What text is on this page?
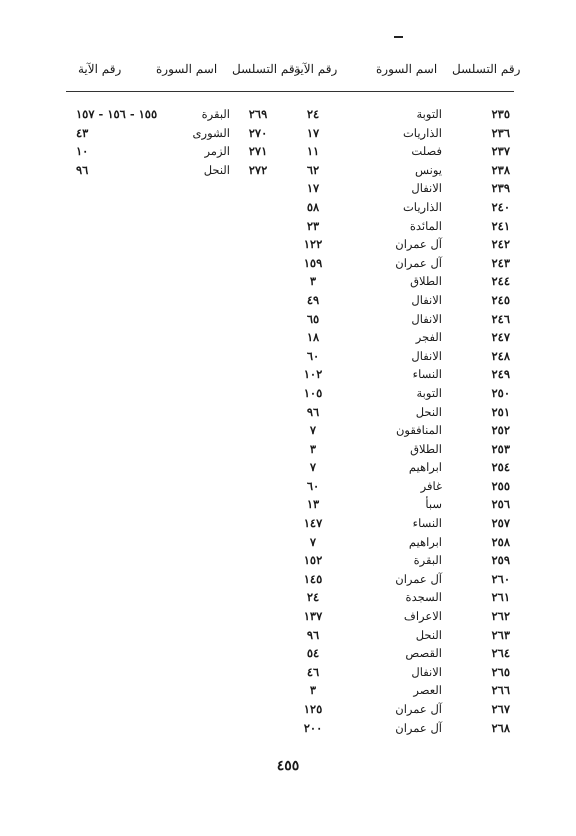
رقم التسلسل
اسم السورة
رقم الآية
رقم التسلسل
اسم السورة
رقم الآية
٢٣٥
٢٣٦
٢٣٧
٢٣٨
٢٣٩
٢٤٠
٢٤١
٢٤٢
٢٤٣
٢٤٤
٢٤٥
٢٤٦
٢٤٧
٢٤٨
٢٤٩
٢٥٠
٢٥١
٢٥٢
٢٥٣
٢٥٤
٢٥٥
٢٥٦
٢٥٧
٢٥٨
٢٥٩
٢٦٠
٢٦١
٢٦٢
٢٦٣
٢٦٤
٢٦٥
٢٦٦
٢٦٧
٢٦٨
التوبة
الذاريات
فصلت
يونس
الانفال
الذاريات
المائدة
آل عمران
آل عمران
الطلاق
الانفال
الانفال
الفجر
الانفال
النساء
التوبة
النحل
المنافقون
الطلاق
ابراهيم
غافر
سبأ
النساء
ابراهيم
البقرة
آل عمران
السجدة
الاعراف
النحل
القصص
الانفال
العصر
آل عمران
آل عمران
٢٤
١٧
١١
٦٢
١٧
٥٨
٢٣
١٢٢
١٥٩
٣
٤٩
٦٥
١٨
٦٠
١٠٢
١٠٥
٩٦
٧
٣
٧
٦٠
١٣
١٤٧
٧
١٥٢
١٤٥
٢٤
١٣٧
٩٦
٥٤
٤٦
٣
١٢٥
٢٠٠
٢٦٩
٢٧٠
٢٧١
٢٧٢
البقرة
الشورى
الزمر
النحل
١٥٥ - ١٥٦ - ١٥٧
٤٣
١٠
٩٦
٤٥٥
